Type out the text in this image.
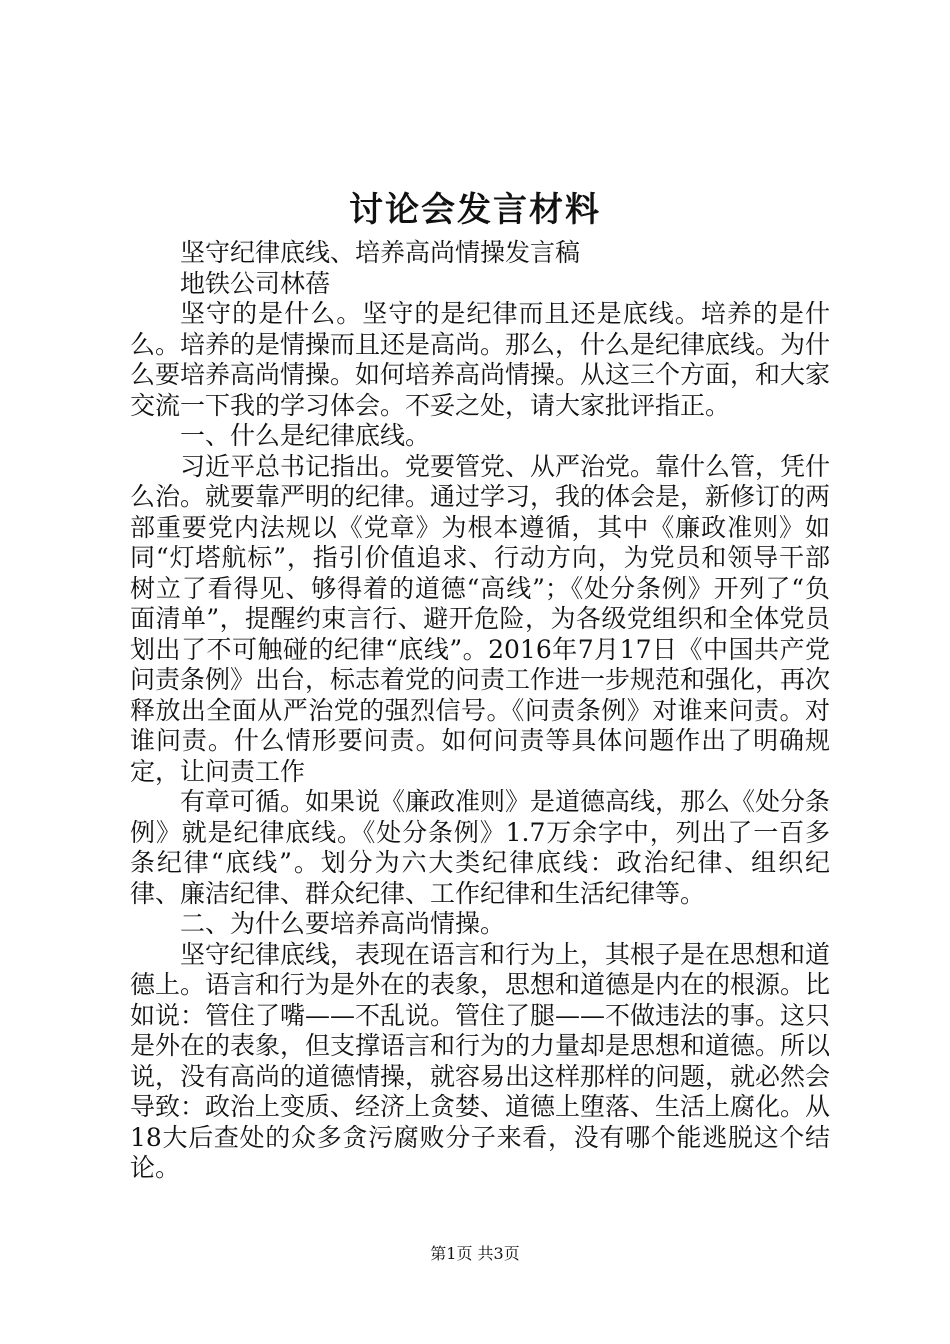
讨论会发言材料

坚守纪律底线、培养高尚情操发言稿

地铁公司林蓓

坚守的是什么。坚守的是纪律而且还是底线。培养的是什么。培养的是情操而且还是高尚。那么，什么是纪律底线。为什么要培养高尚情操。如何培养高尚情操。从这三个方面，和大家交流一下我的学习体会。不妥之处，请大家批评指正。

一、什么是纪律底线。

习近平总书记指出。党要管党、从严治党。靠什么管，凭什么治。就要靠严明的纪律。通过学习，我的体会是，新修订的两部重要党内法规以《党章》为根本遵循，其中《廉政准则》如同“灯塔航标”，指引价值追求、行动方向，为党员和领导干部树立了看得见、够得着的道德“高线”；《处分条例》开列了“负面清单”，提醒约束言行、避开危险，为各级党组织和全体党员划出了不可触碰的纪律“底线”。2016年7月17日《中国共产党问责条例》出台，标志着党的问责工作进一步规范和强化，再次释放出全面从严治党的强烈信号。《问责条例》对谁来问责。对谁问责。什么情形要问责。如何问责等具体问题作出了明确规定，让问责工作

有章可循。如果说《廉政准则》是道德高线，那么《处分条例》就是纪律底线。《处分条例》1.7万余字中，列出了一百多条纪律“底线”。划分为六大类纪律底线：政治纪律、组织纪律、廉洁纪律、群众纪律、工作纪律和生活纪律等。

二、为什么要培养高尚情操。

坚守纪律底线，表现在语言和行为上，其根子是在思想和道德上。语言和行为是外在的表象，思想和道德是内在的根源。比如说：管住了嘴——不乱说。管住了腿——不做违法的事。这只是外在的表象，但支撑语言和行为的力量却是思想和道德。所以说，没有高尚的道德情操，就容易出这样那样的问题，就必然会导致：政治上变质、经济上贪婪、道德上堕落、生活上腐化。从18大后查处的众多贪污腐败分子来看，没有哪个能逃脱这个结论。

第1页 共3页
